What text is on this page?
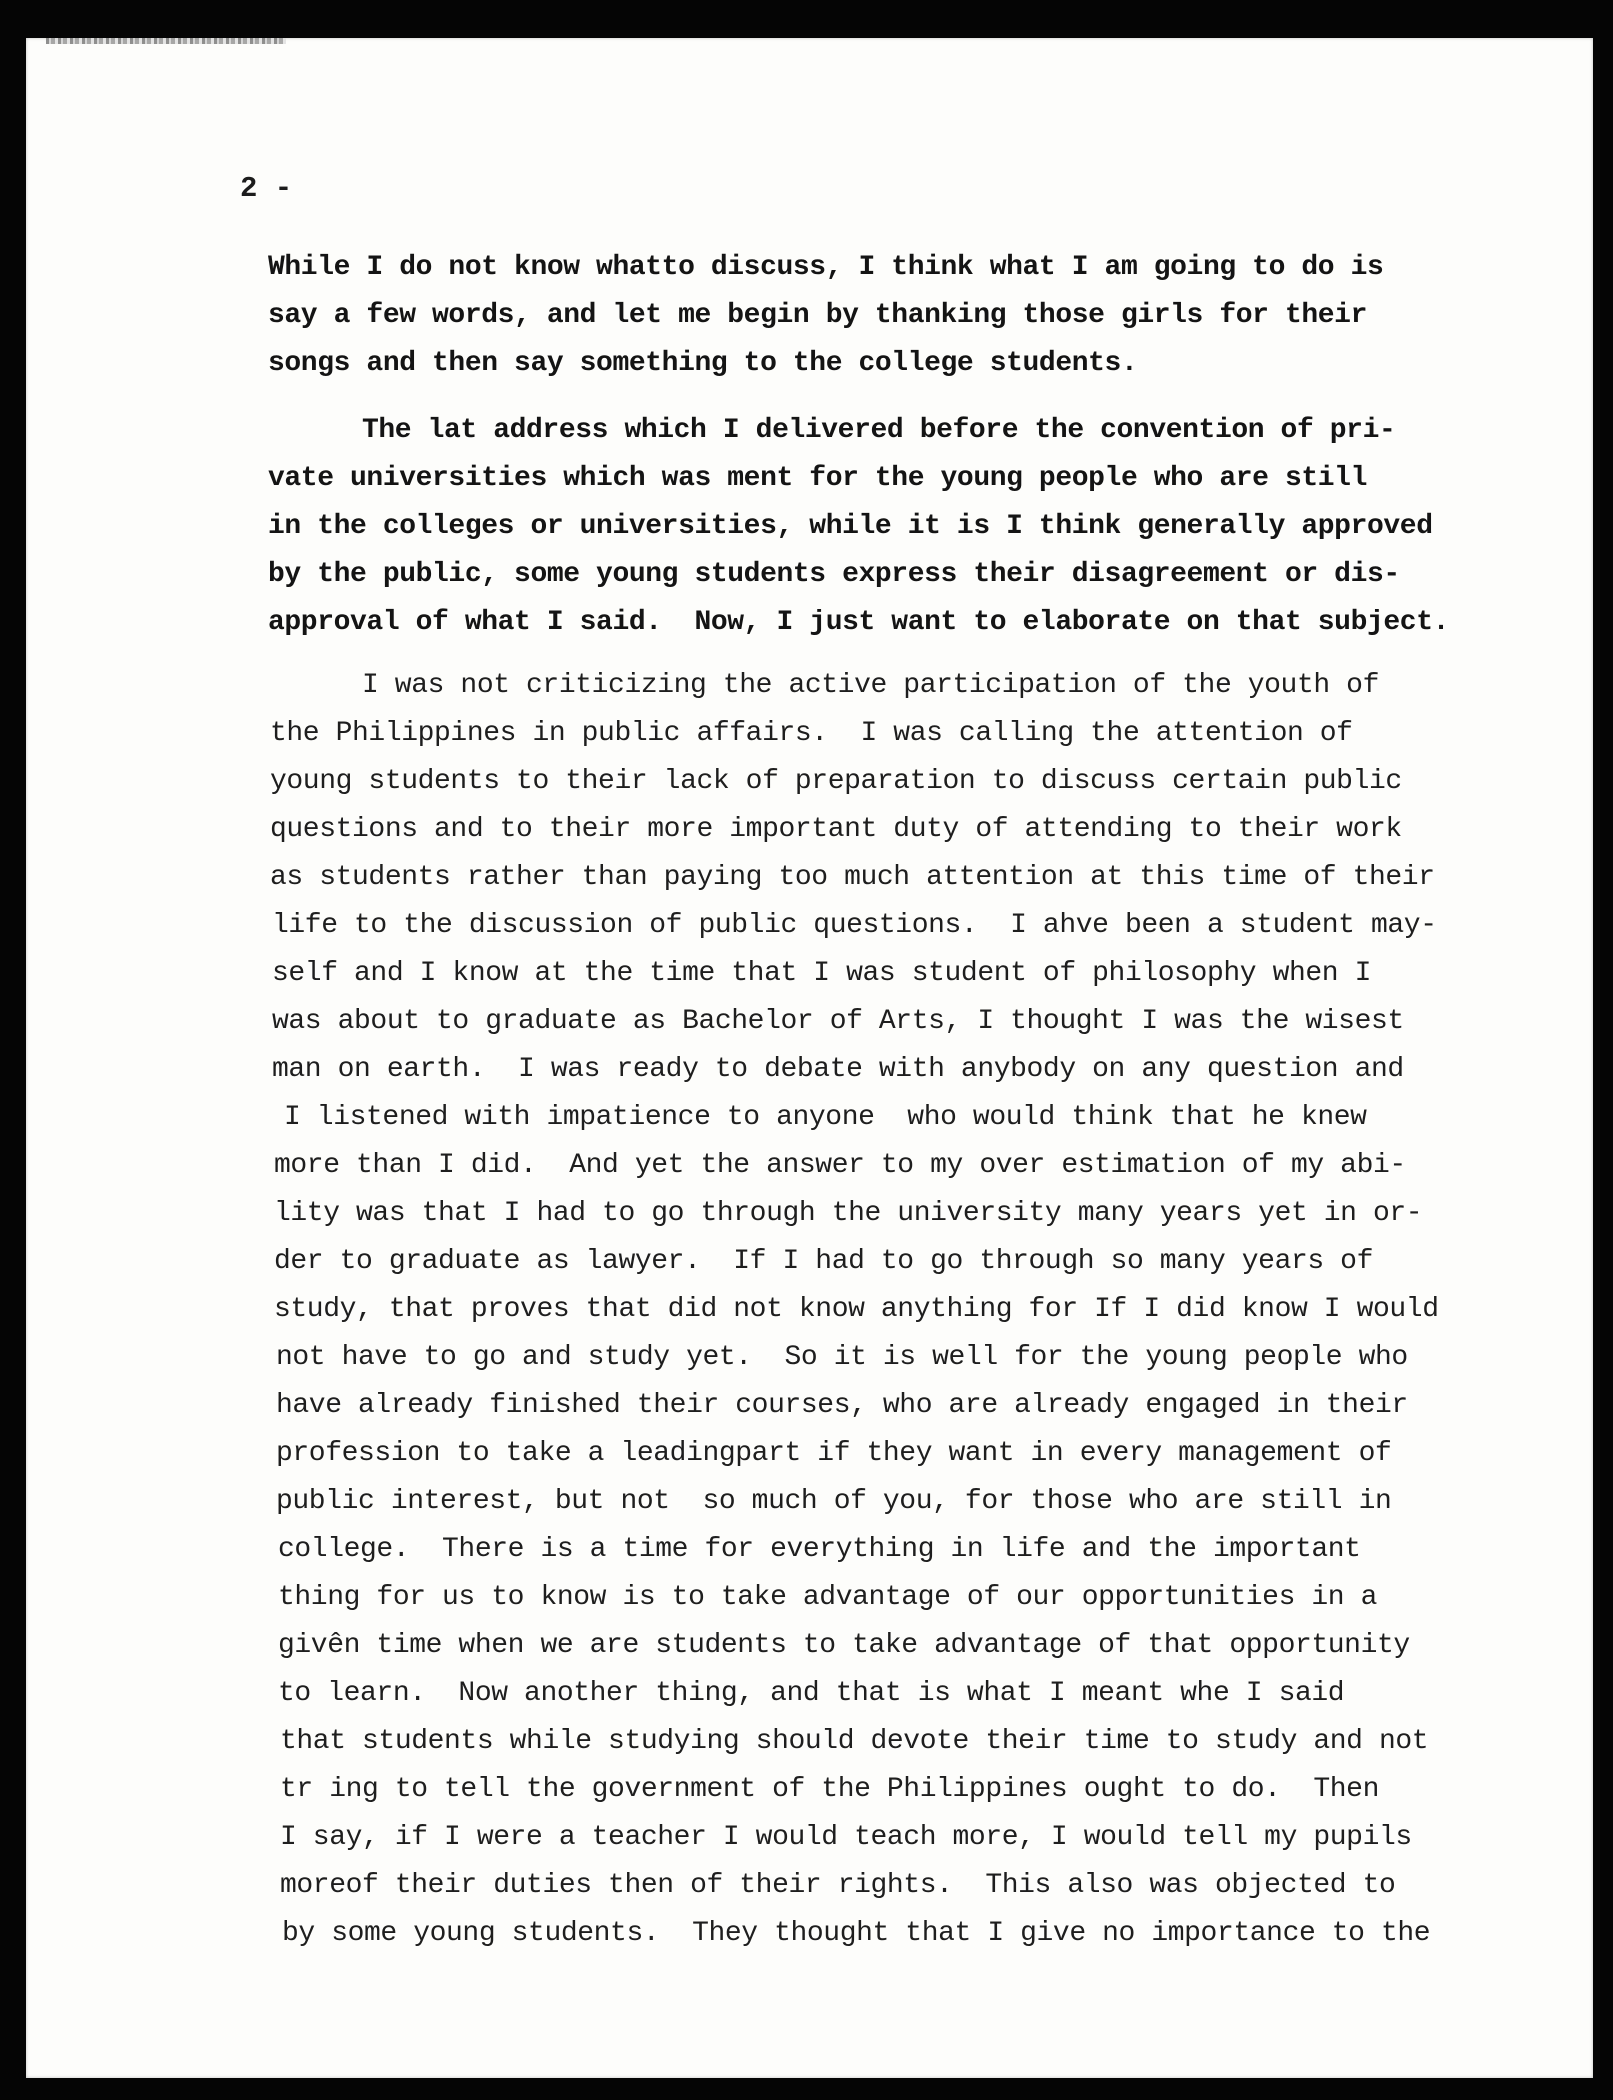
2 -
While I do not know whatto discuss, I think what I am going to do is
say a few words, and let me begin by thanking those girls for their
songs and then say something to the college students.
The lat address which I delivered before the convention of pri-
vate universities which was ment for the young people who are still
in the colleges or universities, while it is I think generally approved
by the public, some young students express their disagreement or dis-
approval of what I said.  Now, I just want to elaborate on that subject.
I was not criticizing the active participation of the youth of
the Philippines in public affairs.  I was calling the attention of
young students to their lack of preparation to discuss certain public
questions and to their more important duty of attending to their work
as students rather than paying too much attention at this time of their
life to the discussion of public questions.  I ahve been a student may-
self and I know at the time that I was student of philosophy when I
was about to graduate as Bachelor of Arts, I thought I was the wisest
man on earth.  I was ready to debate with anybody on any question and
I listened with impatience to anyone  who would think that he knew
more than I did.  And yet the answer to my over estimation of my abi-
lity was that I had to go through the university many years yet in or-
der to graduate as lawyer.  If I had to go through so many years of
study, that proves that did not know anything for If I did know I would
not have to go and study yet.  So it is well for the young people who
have already finished their courses, who are already engaged in their
profession to take a leadingpart if they want in every management of
public interest, but not  so much of you, for those who are still in
college.  There is a time for everything in life and the important
thing for us to know is to take advantage of our opportunities in a
givên time when we are students to take advantage of that opportunity
to learn.  Now another thing, and that is what I meant whe I said
that students while studying should devote their time to study and not
tr ing to tell the government of the Philippines ought to do.  Then
I say, if I were a teacher I would teach more, I would tell my pupils
moreof their duties then of their rights.  This also was objected to
by some young students.  They thought that I give no importance to the
